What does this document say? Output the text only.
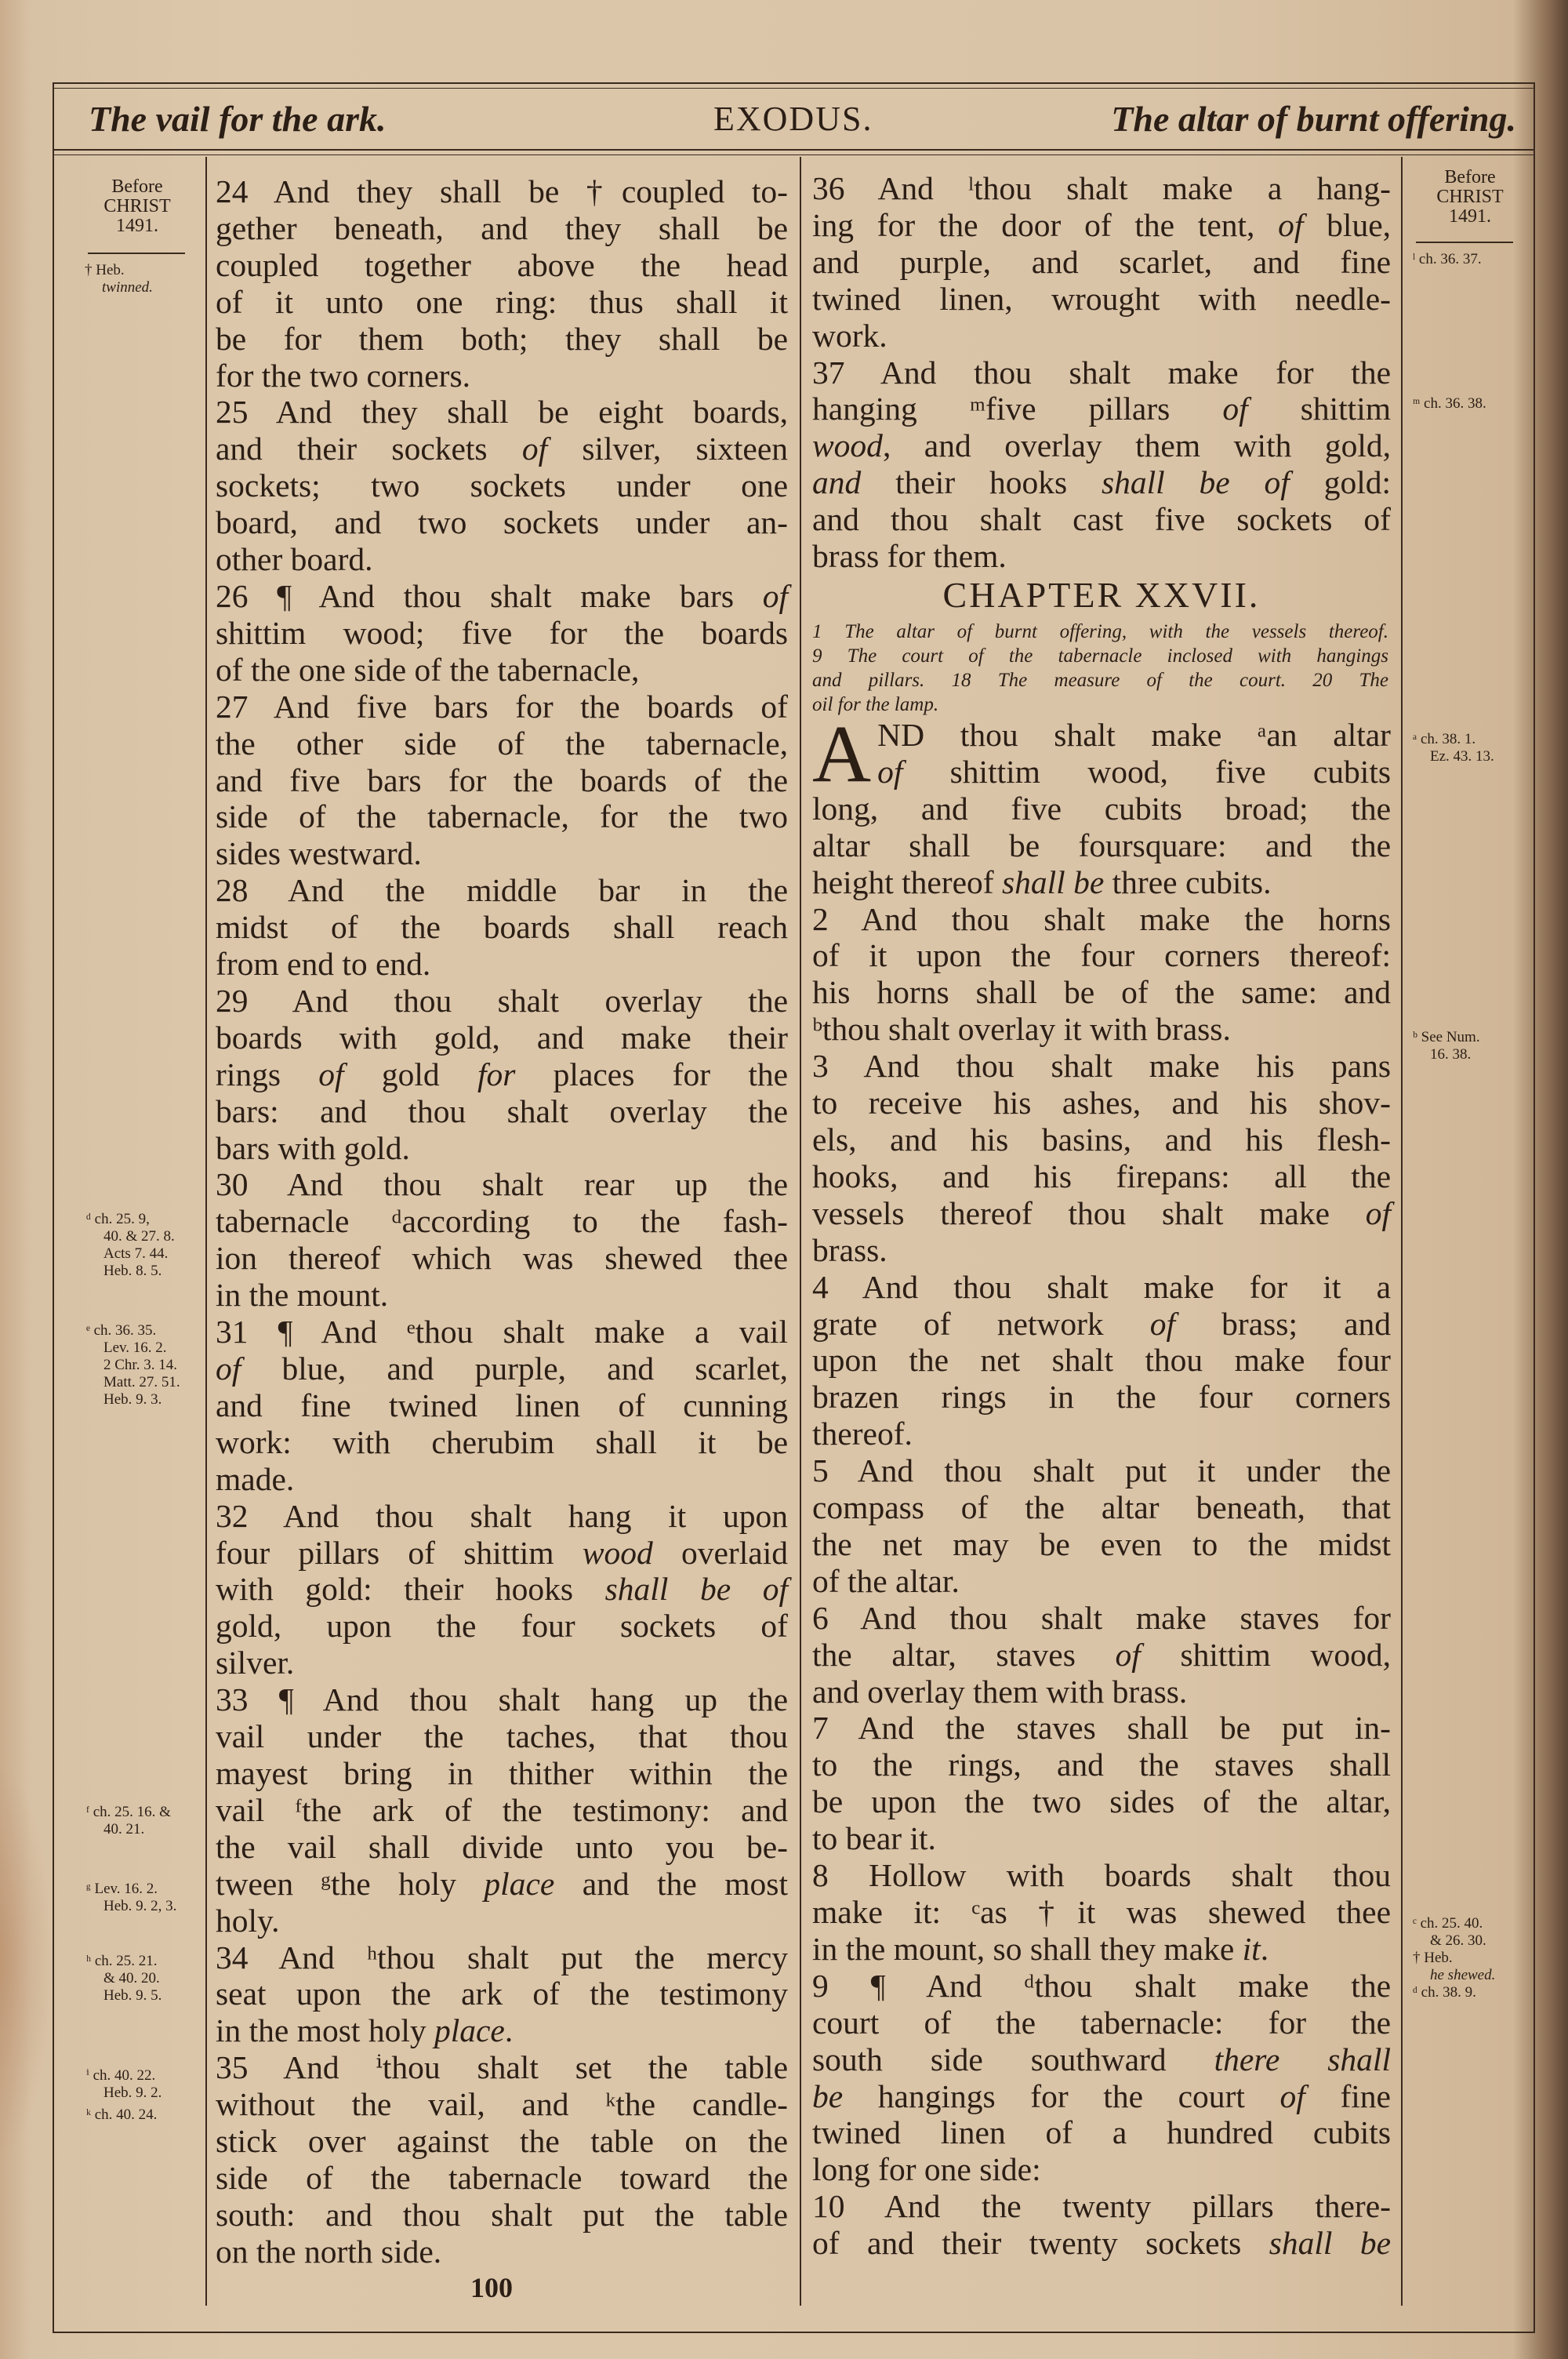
The vail for the ark.	EXODUS.	The altar of burnt offering.
Before
CHRIST
1491.
† Heb.
twinned.
ᵈ ch. 25. 9,
40. & 27. 8.
Acts 7. 44.
Heb. 8. 5.
ᵉ ch. 36. 35.
Lev. 16. 2.
2 Chr. 3. 14.
Matt. 27. 51.
Heb. 9. 3.
ᶠ ch. 25. 16. &
40. 21.
ᵍ Lev. 16. 2.
Heb. 9. 2, 3.
ʰ ch. 25. 21.
& 40. 20.
Heb. 9. 5.
ⁱ ch. 40. 22.
Heb. 9. 2.
ᵏ ch. 40. 24.
Before
CHRIST
1491.
ˡ ch. 36. 37.
ᵐ ch. 36. 38.
ᵃ ch. 38. 1.
Ez. 43. 13.
ᵇ See Num.
16. 38.
ᶜ ch. 25. 40.
& 26. 30.
† Heb.
he shewed.
ᵈ ch. 38. 9.
24 And they shall be †coupled to-
gether beneath, and they shall be
coupled together above the head
of it unto one ring: thus shall it
be for them both; they shall be
for the two corners.
25 And they shall be eight boards,
and their sockets of silver, sixteen
sockets; two sockets under one
board, and two sockets under an-
other board.
26 ¶ And thou shalt make bars of
shittim wood; five for the boards
of the one side of the tabernacle,
27 And five bars for the boards of
the other side of the tabernacle,
and five bars for the boards of the
side of the tabernacle, for the two
sides westward.
28 And the middle bar in the
midst of the boards shall reach
from end to end.
29 And thou shalt overlay the
boards with gold, and make their
rings of gold for places for the
bars: and thou shalt overlay the
bars with gold.
30 And thou shalt rear up the
tabernacle ᵈaccording to the fash-
ion thereof which was shewed thee
in the mount.
31 ¶ And ᵉthou shalt make a vail
of blue, and purple, and scarlet,
and fine twined linen of cunning
work: with cherubim shall it be
made.
32 And thou shalt hang it upon
four pillars of shittim wood overlaid
with gold: their hooks shall be of
gold, upon the four sockets of
silver.
33 ¶ And thou shalt hang up the
vail under the taches, that thou
mayest bring in thither within the
vail ᶠthe ark of the testimony: and
the vail shall divide unto you be-
tween ᵍthe holy place and the most
holy.
34 And ʰthou shalt put the mercy
seat upon the ark of the testimony
in the most holy place.
35 And ⁱthou shalt set the table
without the vail, and ᵏthe candle-
stick over against the table on the
side of the tabernacle toward the
south: and thou shalt put the table
on the north side.
36 And ˡthou shalt make a hang-
ing for the door of the tent, of blue,
and purple, and scarlet, and fine
twined linen, wrought with needle-
work.
37 And thou shalt make for the
hanging ᵐfive pillars of shittim
wood, and overlay them with gold,
and their hooks shall be of gold:
and thou shalt cast five sockets of
brass for them.
CHAPTER XXVII.
1 The altar of burnt offering, with the vessels thereof.
9 The court of the tabernacle inclosed with hangings
and pillars. 18 The measure of the court. 20 The
oil for the lamp.
A ND thou shalt make ᵃan altar
of shittim wood, five cubits
long, and five cubits broad; the
altar shall be foursquare: and the
height thereof shall be three cubits.
2 And thou shalt make the horns
of it upon the four corners thereof:
his horns shall be of the same: and
ᵇthou shalt overlay it with brass.
3 And thou shalt make his pans
to receive his ashes, and his shov-
els, and his basins, and his flesh-
hooks, and his firepans: all the
vessels thereof thou shalt make of
brass.
4 And thou shalt make for it a
grate of network of brass; and
upon the net shalt thou make four
brazen rings in the four corners
thereof.
5 And thou shalt put it under the
compass of the altar beneath, that
the net may be even to the midst
of the altar.
6 And thou shalt make staves for
the altar, staves of shittim wood,
and overlay them with brass.
7 And the staves shall be put in-
to the rings, and the staves shall
be upon the two sides of the altar,
to bear it.
8 Hollow with boards shalt thou
make it: ᶜas †it was shewed thee
in the mount, so shall they make it.
9 ¶ And ᵈthou shalt make the
court of the tabernacle: for the
south side southward there shall
be hangings for the court of fine
twined linen of a hundred cubits
long for one side:
10 And the twenty pillars there-
of and their twenty sockets shall be
100
